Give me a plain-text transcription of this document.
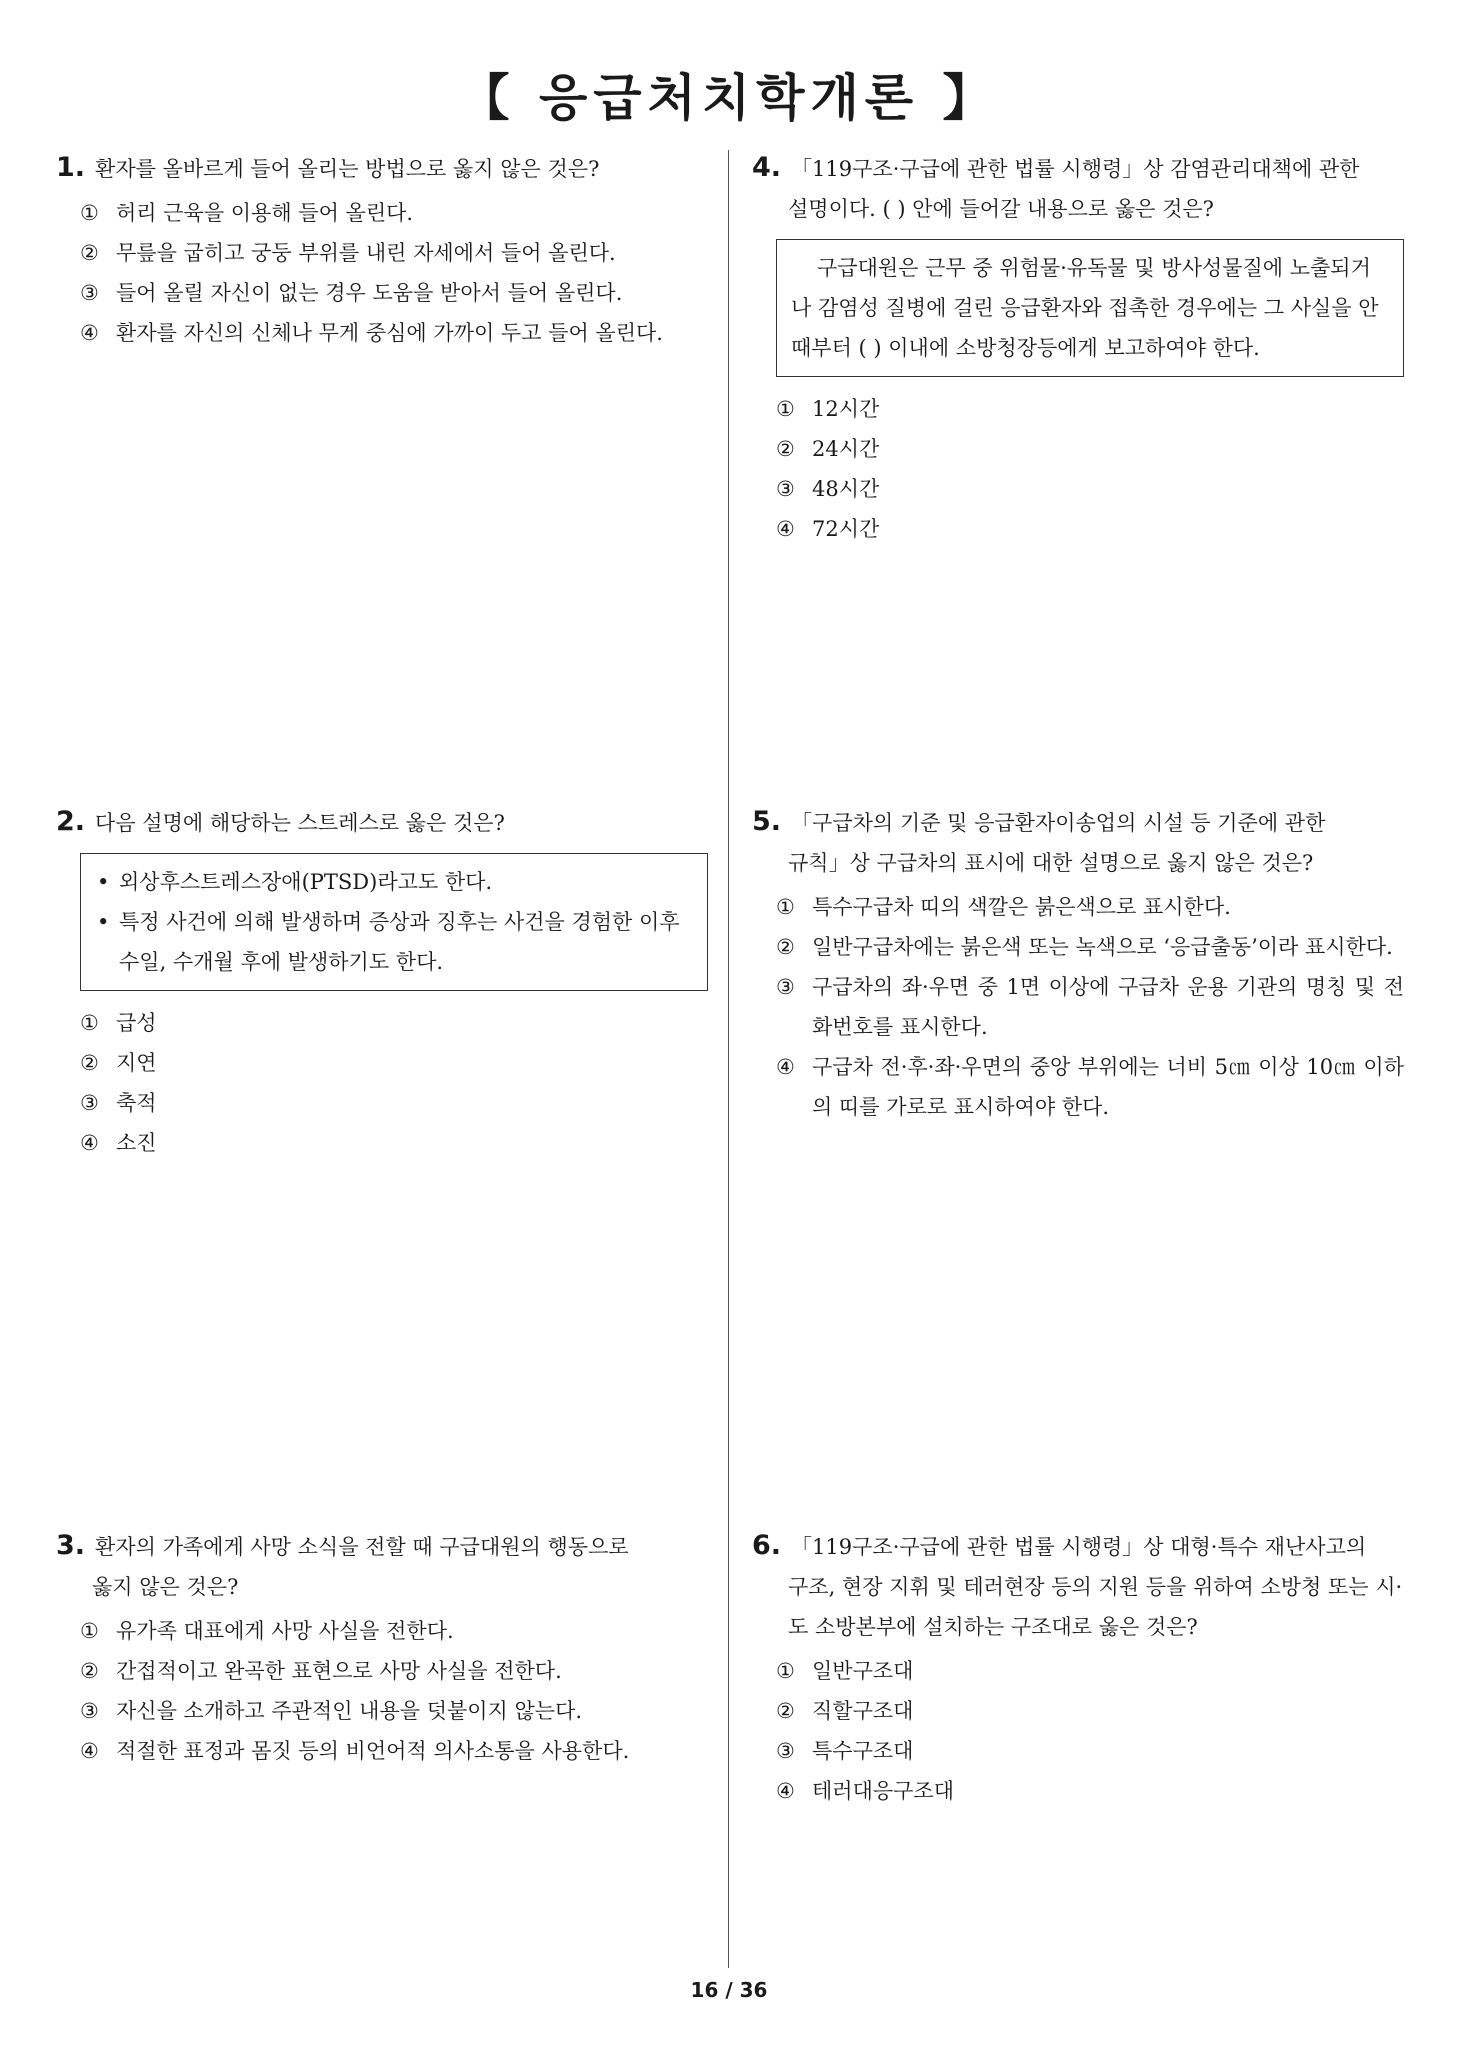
【 응급처치학개론 】
1. 환자를 올바르게 들어 올리는 방법으로 옳지 않은 것은?
① 허리 근육을 이용해 들어 올린다.
② 무릎을 굽히고 궁둥 부위를 내린 자세에서 들어 올린다.
③ 들어 올릴 자신이 없는 경우 도움을 받아서 들어 올린다.
④ 환자를 자신의 신체나 무게 중심에 가까이 두고 들어 올린다.
2. 다음 설명에 해당하는 스트레스로 옳은 것은?

• 외상후스트레스장애(PTSD)라고도 한다.

• 특정 사건에 의해 발생하며 증상과 징후는 사건을 경험한 이후 수일, 수개월 후에 발생하기도 한다.

① 급성
② 지연
③ 축적
④ 소진
3. 환자의 가족에게 사망 소식을 전할 때 구급대원의 행동으로
옳지 않은 것은?
① 유가족 대표에게 사망 사실을 전한다.
② 간접적이고 완곡한 표현으로 사망 사실을 전한다.
③ 자신을 소개하고 주관적인 내용을 덧붙이지 않는다.
④ 적절한 표정과 몸짓 등의 비언어적 의사소통을 사용한다.
4. 「119구조·구급에 관한 법률 시행령」상 감염관리대책에 관한
설명이다. ( ) 안에 들어갈 내용으로 옳은 것은?

구급대원은 근무 중 위험물·유독물 및 방사성물질에 노출되거나 감염성 질병에 걸린 응급환자와 접촉한 경우에는 그 사실을 안 때부터 ( ) 이내에 소방청장등에게 보고하여야 한다.

① 12시간
② 24시간
③ 48시간
④ 72시간
5. 「구급차의 기준 및 응급환자이송업의 시설 등 기준에 관한
규칙」상 구급차의 표시에 대한 설명으로 옳지 않은 것은?
① 특수구급차 띠의 색깔은 붉은색으로 표시한다.
② 일반구급차에는 붉은색 또는 녹색으로 ‘응급출동’이라 표시한다.
③ 구급차의 좌·우면 중 1면 이상에 구급차 운용 기관의 명칭 및 전화번호를 표시한다.
④ 구급차 전·후·좌·우면의 중앙 부위에는 너비 5㎝ 이상 10㎝ 이하의 띠를 가로로 표시하여야 한다.
6. 「119구조·구급에 관한 법률 시행령」상 대형·특수 재난사고의
구조, 현장 지휘 및 테러현장 등의 지원 등을 위하여 소방청 또는 시·도 소방본부에 설치하는 구조대로 옳은 것은?
① 일반구조대
② 직할구조대
③ 특수구조대
④ 테러대응구조대
16 / 36
